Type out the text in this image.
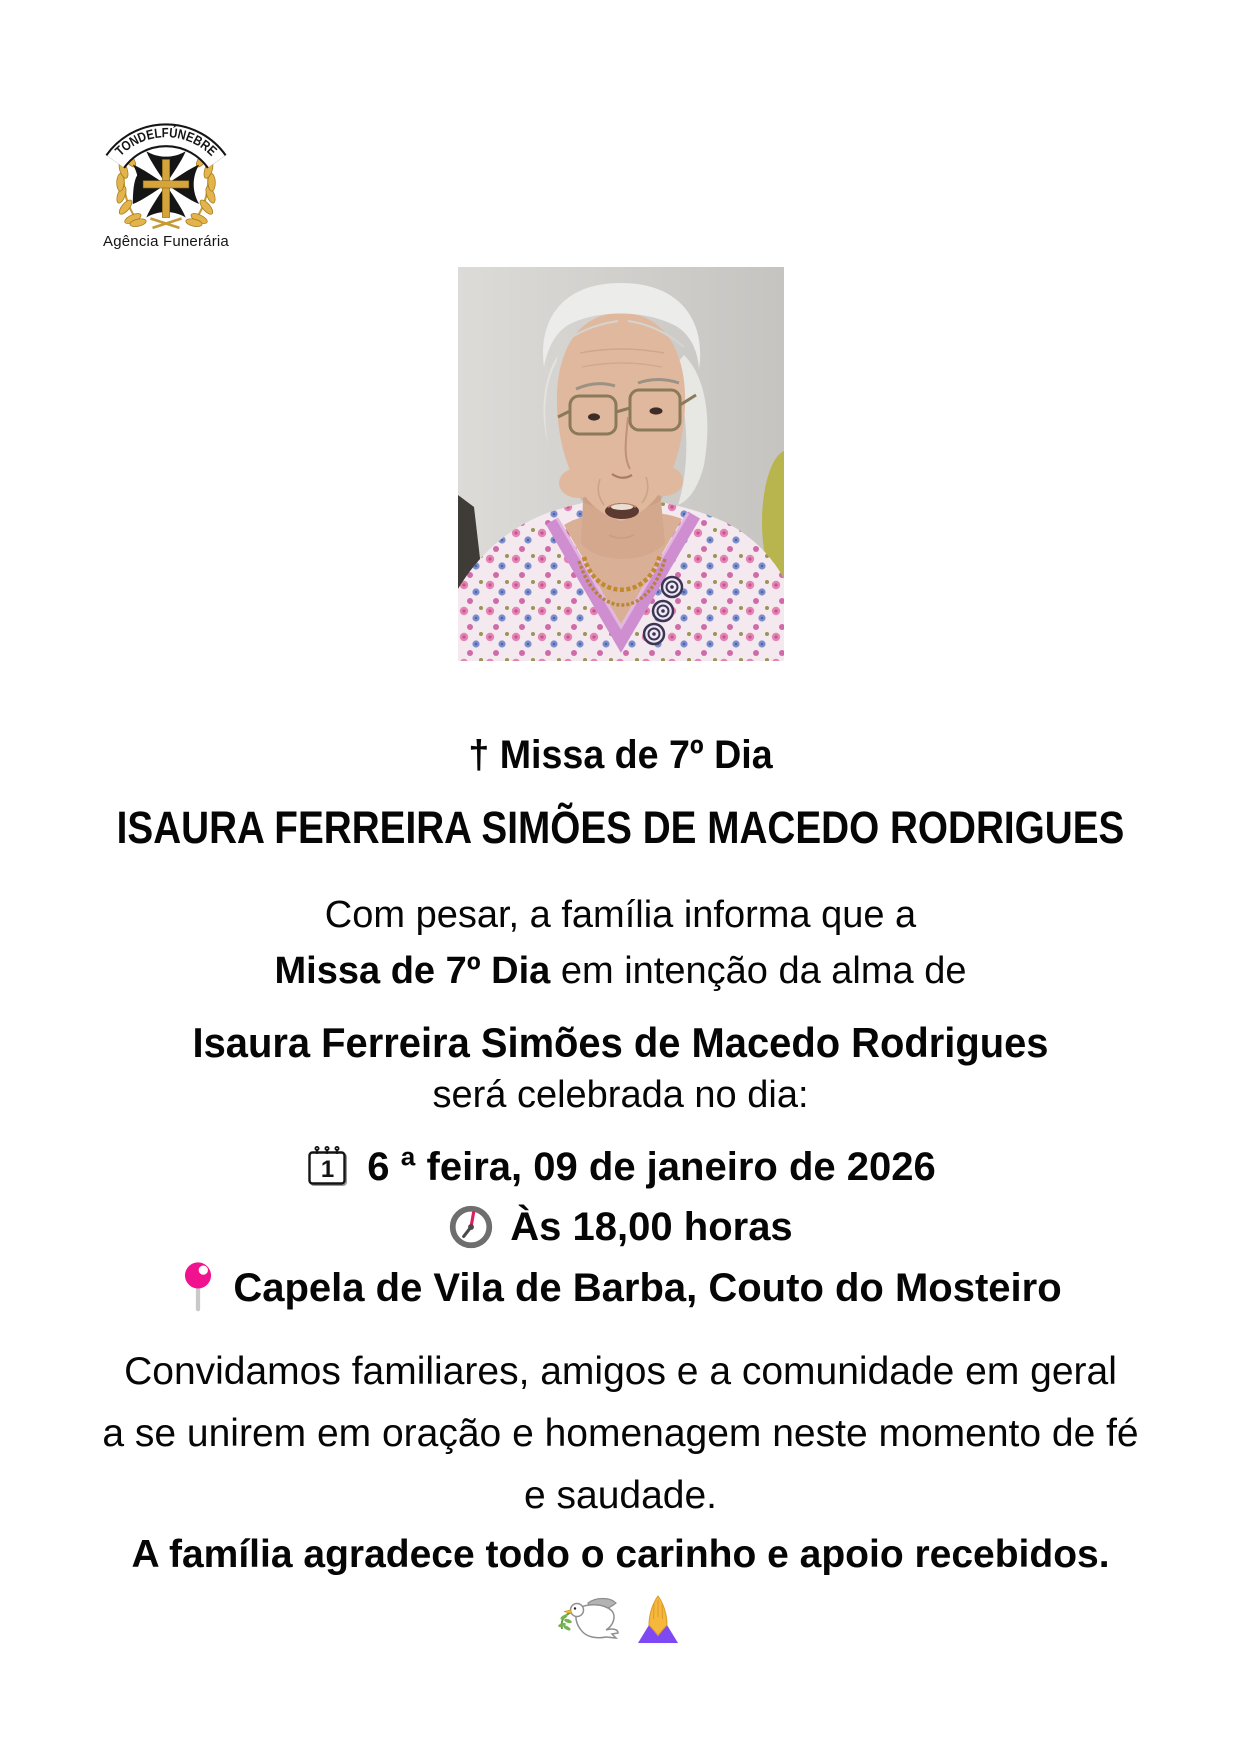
TONDELFÚNEBRE
Agência Funerária
† Missa de 7º Dia
ISAURA FERREIRA SIMÕES DE MACEDO RODRIGUES
Com pesar, a família informa que a
Missa de 7º Dia em intenção da alma de
Isaura Ferreira Simões de Macedo Rodrigues
será celebrada no dia:
1 6 ª feira, 09 de janeiro de 2026
Às 18,00 horas
Capela de Vila de Barba, Couto do Mosteiro
Convidamos familiares, amigos e a comunidade em geral
a se unirem em oração e homenagem neste momento de fé
e saudade.
A família agradece todo o carinho e apoio recebidos.
